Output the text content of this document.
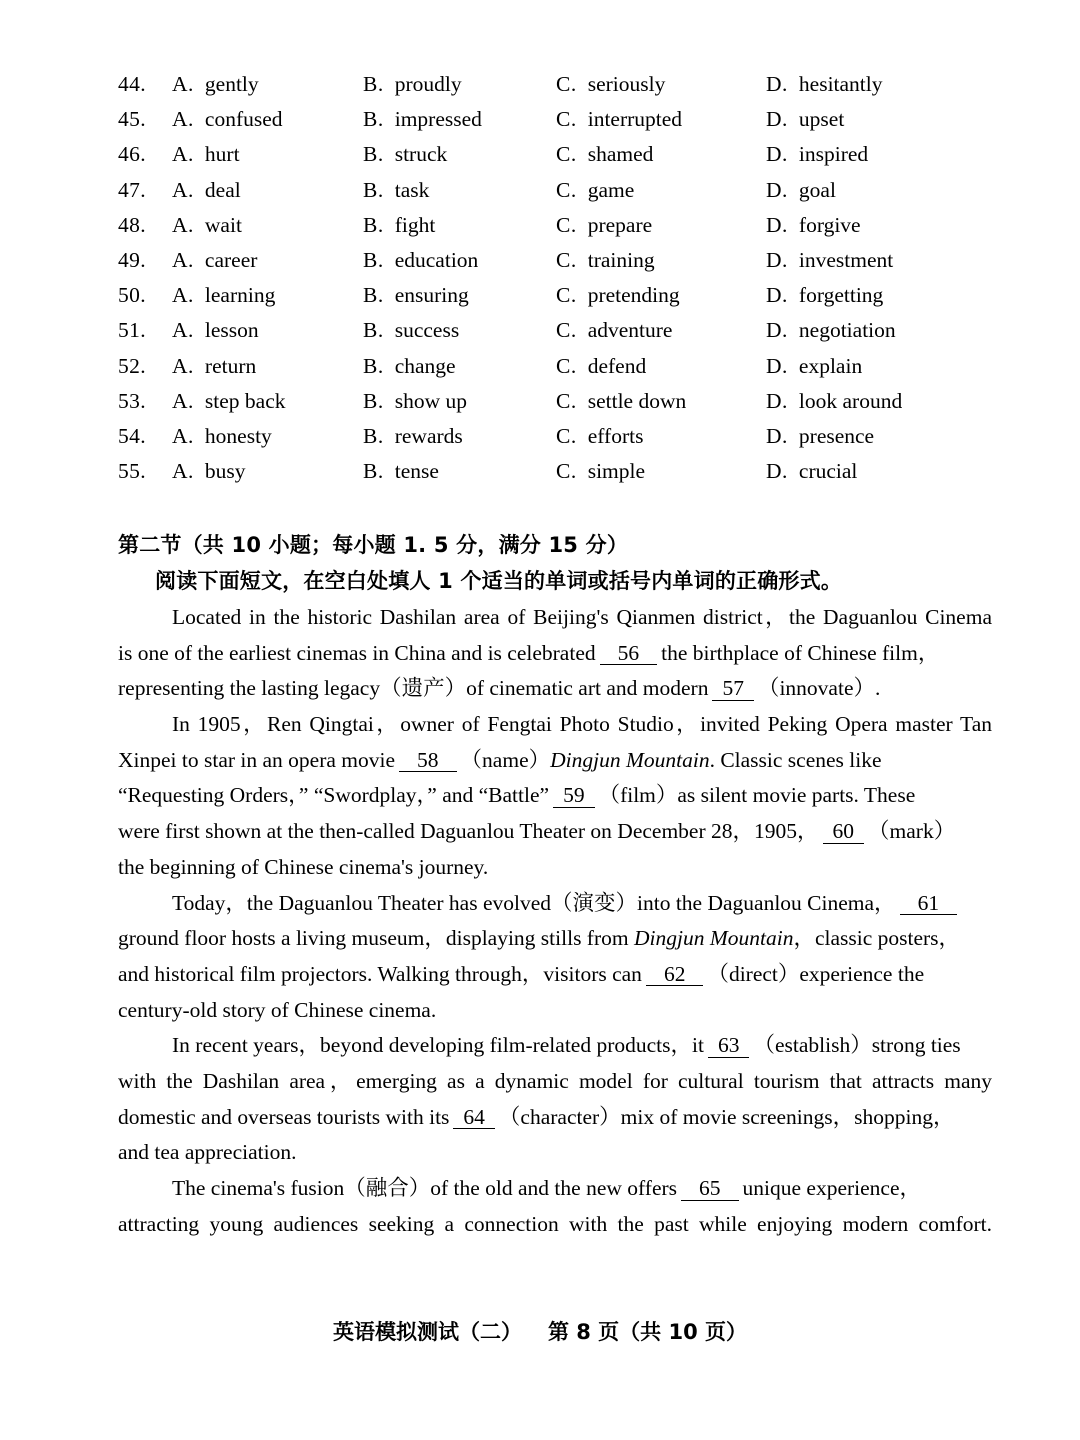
44. A. gently	B. proudly	C. seriously	D. hesitantly
45. A. confused	B. impressed	C. interrupted	D. upset
46. A. hurt	B. struck	C. shamed	D. inspired
47. A. deal	B. task	C. game	D. goal
48. A. wait	B. fight	C. prepare	D. forgive
49. A. career	B. education	C. training	D. investment
50. A. learning	B. ensuring	C. pretending	D. forgetting
51. A. lesson	B. success	C. adventure	D. negotiation
52. A. return	B. change	C. defend	D. explain
53. A. step back	B. show up	C. settle down	D. look around
54. A. honesty	B. rewards	C. efforts	D. presence
55. A. busy	B. tense	C. simple	D. crucial
第二节（共 10 小题；每小题 1. 5 分，满分 15 分）
阅读下面短文，在空白处填人 1 个适当的单词或括号内单词的正确形式。
Located in the historic Dashilan area of Beijing's Qianmen district，the Daguanlou Cinema
is one of the earliest cinemas in China and is celebrated 56 the birthplace of Chinese film，
representing the lasting legacy（遗产）of cinematic art and modern 57 （innovate）.
In 1905，Ren Qingtai，owner of Fengtai Photo Studio，invited Peking Opera master Tan
Xinpei to star in an opera movie 58 （name）Dingjun Mountain. Classic scenes like
“Requesting Orders，” “Swordplay，” and “Battle” 59 （film）as silent movie parts. These
were first shown at the then-called Daguanlou Theater on December 28，1905， 60 （mark）
the beginning of Chinese cinema's journey.
Today，the Daguanlou Theater has evolved（演变）into the Daguanlou Cinema， 61
ground floor hosts a living museum，displaying stills from Dingjun Mountain，classic posters，
and historical film projectors. Walking through，visitors can 62 （direct）experience the
century-old story of Chinese cinema.
In recent years，beyond developing film-related products，it 63 （establish）strong ties
with the Dashilan area，emerging as a dynamic model for cultural tourism that attracts many
domestic and overseas tourists with its 64 （character）mix of movie screenings，shopping，
and tea appreciation.
The cinema's fusion（融合）of the old and the new offers 65 unique experience，
attracting young audiences seeking a connection with the past while enjoying modern comfort.
英语模拟测试（二） 第 8 页（共 10 页）
